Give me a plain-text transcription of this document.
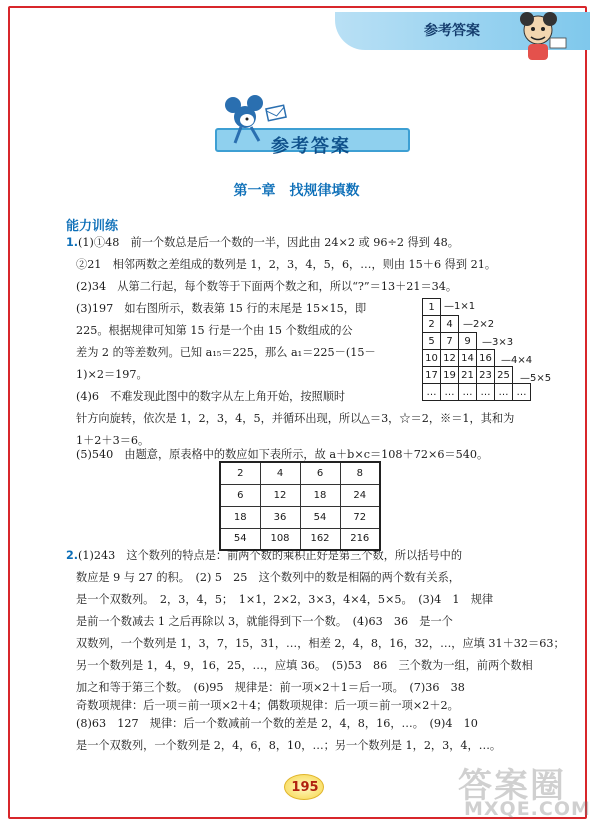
参考答案
参考答案
第一章　找规律填数
能力训练
1.(1)①48　前一个数总是后一个数的一半，因此由 24×2 或 96÷2 得到 48。
②21　相邻两数之差组成的数列是 1，2，3，4，5，6，…，则由 15＋6 得到 21。
(2)34　从第二行起，每个数等于下面两个数之和，所以“?”＝13＋21＝34。
(3)197　如右图所示，数表第 15 行的末尾是 15×15，即
225。根据规律可知第 15 行是一个由 15 个数组成的公
差为 2 的等差数列。已知 a₁₅＝225，那么 a₁＝225－(15－
1)×2＝197。
(4)6　不难发现此图中的数字从左上角开始，按照顺时
针方向旋转，依次是 1，2，3，4，5，并循环出现，所以△＝3，☆＝2，※＝1，其和为
1＋2＋3＝6。
(5)540　由题意，原表格中的数应如下表所示，故 a＋b×c＝108＋72×6＝540。
1					
2	4				
5	7	9			
10	12	14	16		
17	19	21	23	25	
…	…	…	…	…	…
—1×1
—2×2
—3×3
—4×4
—5×5
2	4	6	8
6	12	18	24
18	36	54	72
54	108	162	216
2.(1)243　这个数列的特点是：前两个数的乘积正好是第三个数，所以括号中的
数应是 9 与 27 的积。　(2) 5　25　这个数列中的数是相隔的两个数有关系，
是一个双数列。　2，3，4，5；　1×1，2×2，3×3，4×4，5×5。　(3)4　1　规律
是前一个数减去 1 之后再除以 3，就能得到下一个数。　(4)63　36　是一个
双数列，一个数列是 1，3，7，15，31，…，相差 2，4，8，16，32，…，应填 31＋32＝63；
另一个数列是 1，4，9，16，25，…，应填 36。　(5)53　86　三个数为一组，前两个数相
加之和等于第三个数。　(6)95　规律是：前一项×2＋1＝后一项。　(7)36　38
奇数项规律：后一项＝前一项×2＋4；偶数项规律：后一项＝前一项×2＋2。
(8)63　127　规律：后一个数减前一个数的差是 2，4，8，16，…。　(9)4　10
是一个双数列，一个数列是 2，4，6，8，10，…；另一个数列是 1，2，3，4，…。
195	答案圈
MXQE.COM
